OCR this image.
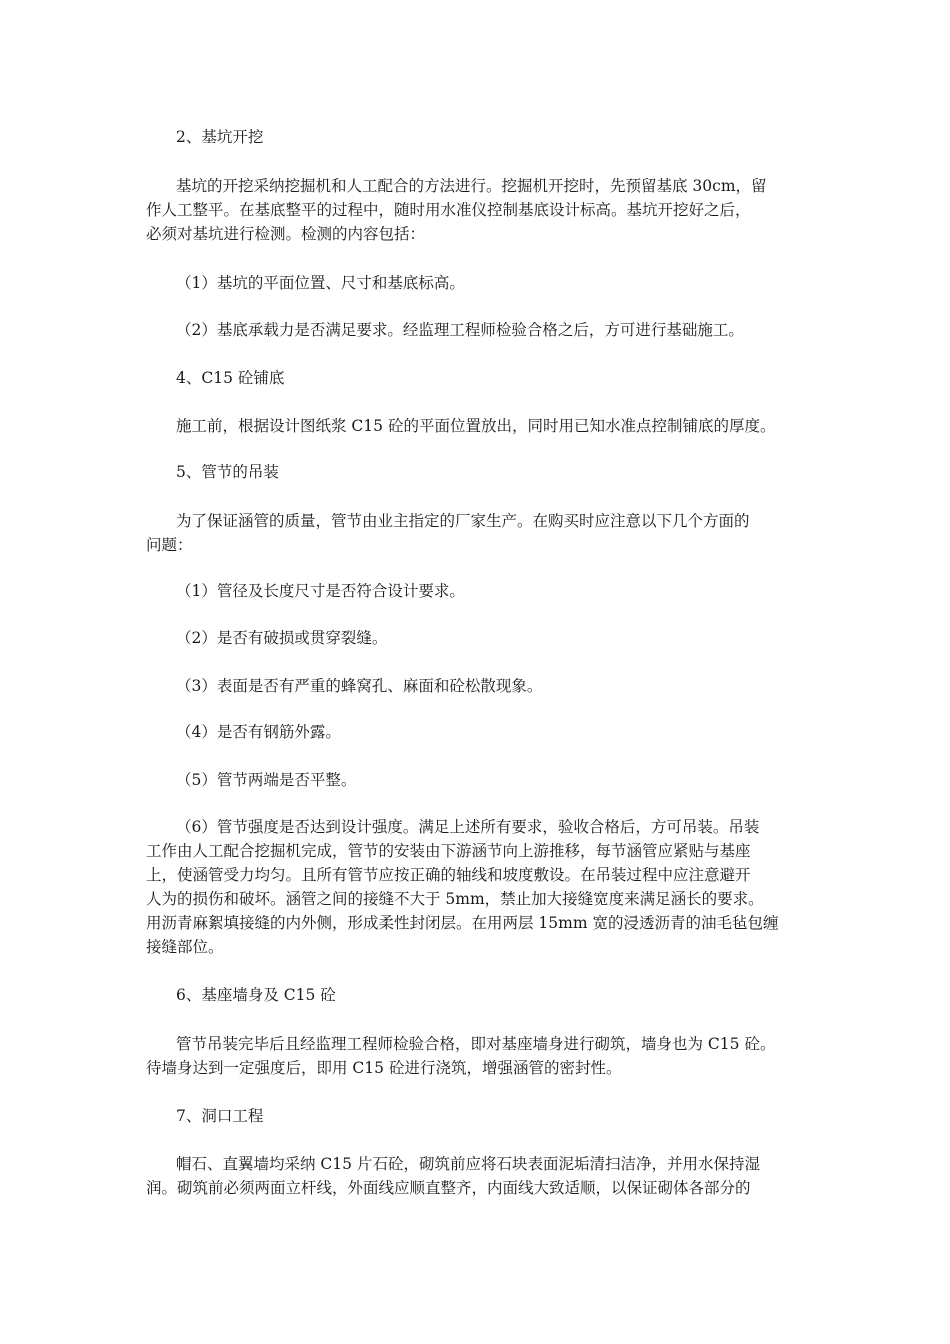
2、基坑开挖
基坑的开挖采纳挖掘机和人工配合的方法进行。挖掘机开挖时，先预留基底 30cm，留
作人工整平。在基底整平的过程中，随时用水准仪控制基底设计标高。基坑开挖好之后，
必须对基坑进行检测。检测的内容包括：
（1）基坑的平面位置、尺寸和基底标高。
（2）基底承载力是否满足要求。经监理工程师检验合格之后，方可进行基础施工。
4、C15 砼铺底
施工前，根据设计图纸浆 C15 砼的平面位置放出，同时用已知水准点控制铺底的厚度。
5、管节的吊装
为了保证涵管的质量，管节由业主指定的厂家生产。在购买时应注意以下几个方面的
问题：
（1）管径及长度尺寸是否符合设计要求。
（2）是否有破损或贯穿裂缝。
（3）表面是否有严重的蜂窝孔、麻面和砼松散现象。
（4）是否有钢筋外露。
（5）管节两端是否平整。
（6）管节强度是否达到设计强度。满足上述所有要求，验收合格后，方可吊装。吊装
工作由人工配合挖掘机完成，管节的安装由下游涵节向上游推移，每节涵管应紧贴与基座
上，使涵管受力均匀。且所有管节应按正确的轴线和坡度敷设。在吊装过程中应注意避开
人为的损伤和破坏。涵管之间的接缝不大于 5mm，禁止加大接缝宽度来满足涵长的要求。
用沥青麻絮填接缝的内外侧，形成柔性封闭层。在用两层 15mm 宽的浸透沥青的油毛毡包缠
接缝部位。
6、基座墙身及 C15 砼
管节吊装完毕后且经监理工程师检验合格，即对基座墙身进行砌筑，墙身也为 C15 砼。
待墙身达到一定强度后，即用 C15 砼进行浇筑，增强涵管的密封性。
7、洞口工程
帽石、直翼墙均采纳 C15 片石砼，砌筑前应将石块表面泥垢清扫洁净，并用水保持湿
润。砌筑前必须两面立杆线，外面线应顺直整齐，内面线大致适顺，以保证砌体各部分的
